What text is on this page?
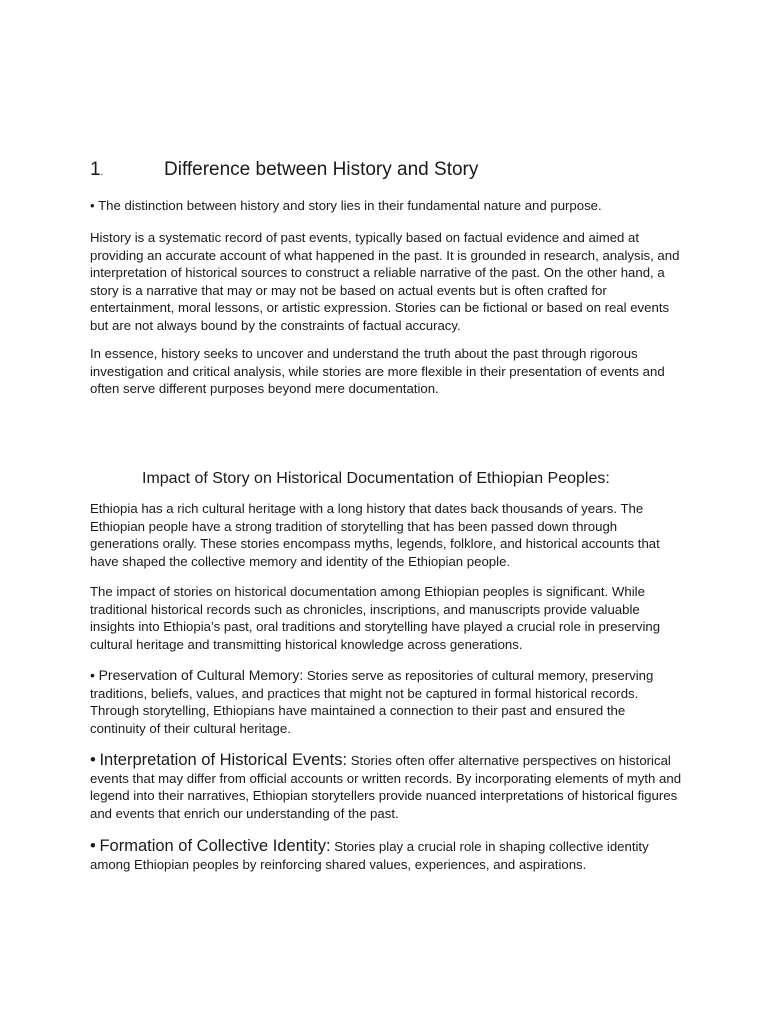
1.	Difference between History and Story

• The distinction between history and story lies in their fundamental nature and purpose.

History is a systematic record of past events, typically based on factual evidence and aimed at providing an accurate account of what happened in the past. It is grounded in research, analysis, and interpretation of historical sources to construct a reliable narrative of the past. On the other hand, a story is a narrative that may or may not be based on actual events but is often crafted for entertainment, moral lessons, or artistic expression. Stories can be fictional or based on real events but are not always bound by the constraints of factual accuracy.

In essence, history seeks to uncover and understand the truth about the past through rigorous investigation and critical analysis, while stories are more flexible in their presentation of events and often serve different purposes beyond mere documentation.

Impact of Story on Historical Documentation of Ethiopian Peoples:

Ethiopia has a rich cultural heritage with a long history that dates back thousands of years. The Ethiopian people have a strong tradition of storytelling that has been passed down through generations orally. These stories encompass myths, legends, folklore, and historical accounts that have shaped the collective memory and identity of the Ethiopian people.

The impact of stories on historical documentation among Ethiopian peoples is significant. While traditional historical records such as chronicles, inscriptions, and manuscripts provide valuable insights into Ethiopia’s past, oral traditions and storytelling have played a crucial role in preserving cultural heritage and transmitting historical knowledge across generations.

• Preservation of Cultural Memory: Stories serve as repositories of cultural memory, preserving traditions, beliefs, values, and practices that might not be captured in formal historical records. Through storytelling, Ethiopians have maintained a connection to their past and ensured the continuity of their cultural heritage.

• Interpretation of Historical Events: Stories often offer alternative perspectives on historical events that may differ from official accounts or written records. By incorporating elements of myth and legend into their narratives, Ethiopian storytellers provide nuanced interpretations of historical figures and events that enrich our understanding of the past.

• Formation of Collective Identity: Stories play a crucial role in shaping collective identity among Ethiopian peoples by reinforcing shared values, experiences, and aspirations.
